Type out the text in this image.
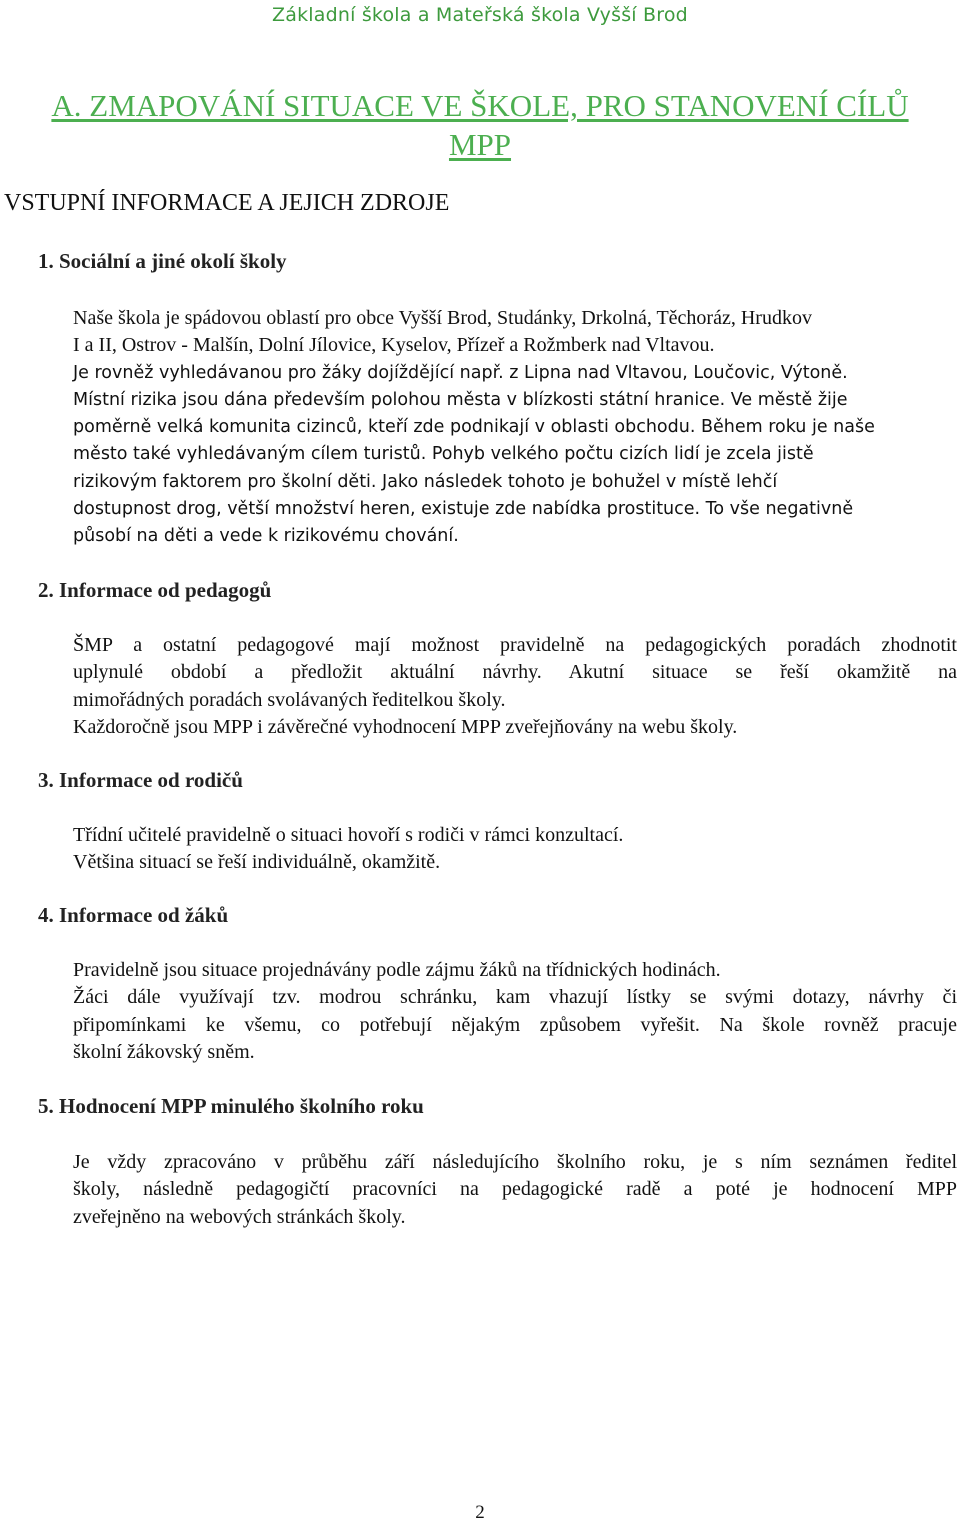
Základní škola a Mateřská škola Vyšší Brod
A. ZMAPOVÁNÍ SITUACE VE ŠKOLE, PRO STANOVENÍ CÍLŮ
MPP
VSTUPNÍ INFORMACE A JEJICH ZDROJE
1. Sociální a jiné okolí školy
Naše škola je spádovou oblastí pro obce Vyšší Brod, Studánky, Drkolná, Těchoráz, Hrudkov
I a II, Ostrov - Malšín, Dolní Jílovice, Kyselov, Přízeř a Rožmberk nad Vltavou.
Je rovněž vyhledávanou pro žáky dojíždějící např. z Lipna nad Vltavou, Loučovic, Výtoně.
Místní rizika jsou dána především polohou města v blízkosti státní hranice. Ve městě žije
poměrně velká komunita cizinců, kteří zde podnikají v oblasti obchodu. Během roku je naše
město také vyhledávaným cílem turistů. Pohyb velkého počtu cizích lidí je zcela jistě
rizikovým faktorem pro školní děti. Jako následek tohoto je bohužel v místě lehčí
dostupnost drog, větší množství heren, existuje zde nabídka prostituce. To vše negativně
působí na děti a vede k rizikovému chování.
2. Informace od pedagogů
ŠMP a ostatní pedagogové mají možnost pravidelně na pedagogických poradách zhodnotit
uplynulé období a předložit aktuální návrhy. Akutní situace se řeší okamžitě na
mimořádných poradách svolávaných ředitelkou školy.
Každoročně jsou MPP i závěrečné vyhodnocení MPP zveřejňovány na webu školy.
3. Informace od rodičů
Třídní učitelé pravidelně o situaci hovoří s rodiči v rámci konzultací.
Většina situací se řeší individuálně, okamžitě.
4. Informace od žáků
Pravidelně jsou situace projednávány podle zájmu žáků na třídnických hodinách.
Žáci dále využívají tzv. modrou schránku, kam vhazují lístky se svými dotazy, návrhy či
připomínkami ke všemu, co potřebují nějakým způsobem vyřešit. Na škole rovněž pracuje
školní žákovský sněm.
5. Hodnocení MPP minulého školního roku
Je vždy zpracováno v průběhu září následujícího školního roku, je s ním seznámen ředitel
školy, následně pedagogičtí pracovníci na pedagogické radě a poté je hodnocení MPP
zveřejněno na webových stránkách školy.
2
